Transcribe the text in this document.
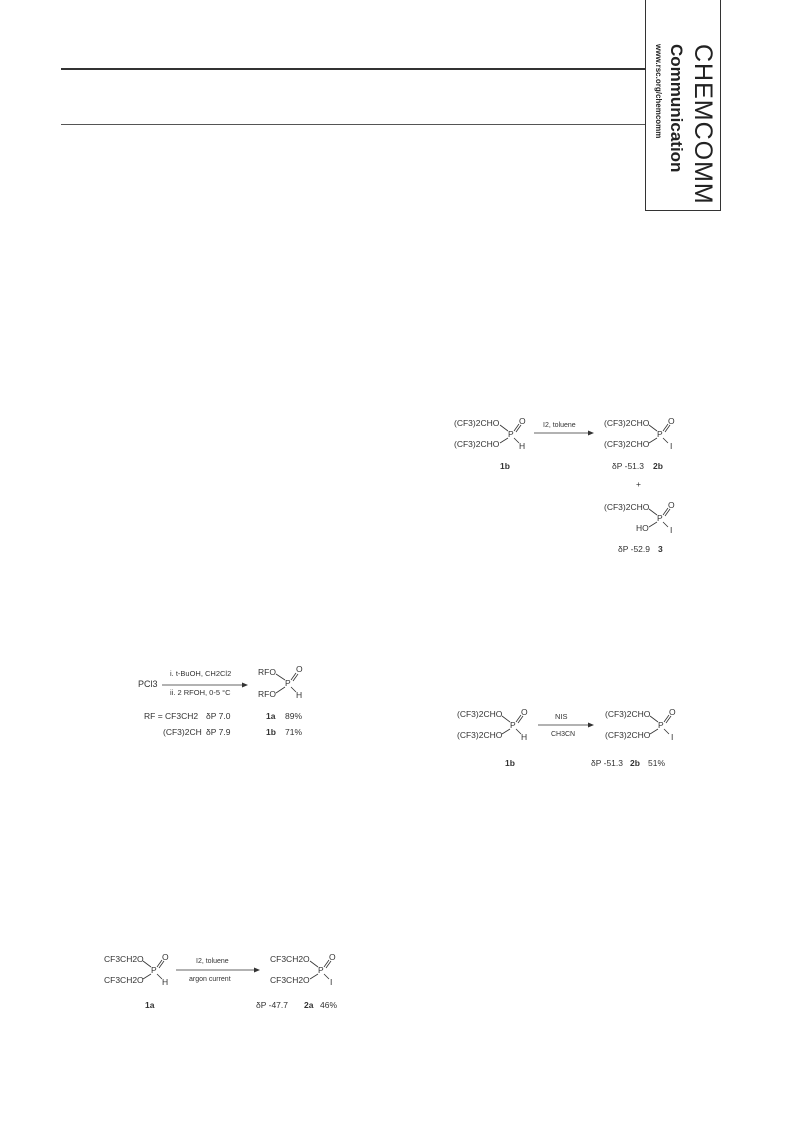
CHEMCOMM
Communication
www.rsc.org/chemcomm
PCl3
i. t-BuOH, CH2Cl2
ii. 2 RFOH, 0-5 °C
RFO
RFO
P
O
H
RF = CF3CH2 δP 7.0	1a 89%
(CF3)2CH δP 7.9	1b 71%
CF3CH2O
CF3CH2O
P
O
H
1a
I2, toluene
argon current
CF3CH2O
CF3CH2O
P
O
I
δP -47.7 2a 46%
(CF3)2CHO
(CF3)2CHO
P
O
H
1b
I2, toluene	(CF3)2CHO
(CF3)2CHO
P
O
I
δP -51.3 2b
+
(CF3)2CHO
HO
P
O
I
δP -52.9 3
(CF3)2CHO
(CF3)2CHO
P
O
H
1b
NIS
CH3CN
(CF3)2CHO
(CF3)2CHO
P
O
I
δP -51.3 2b 51%
